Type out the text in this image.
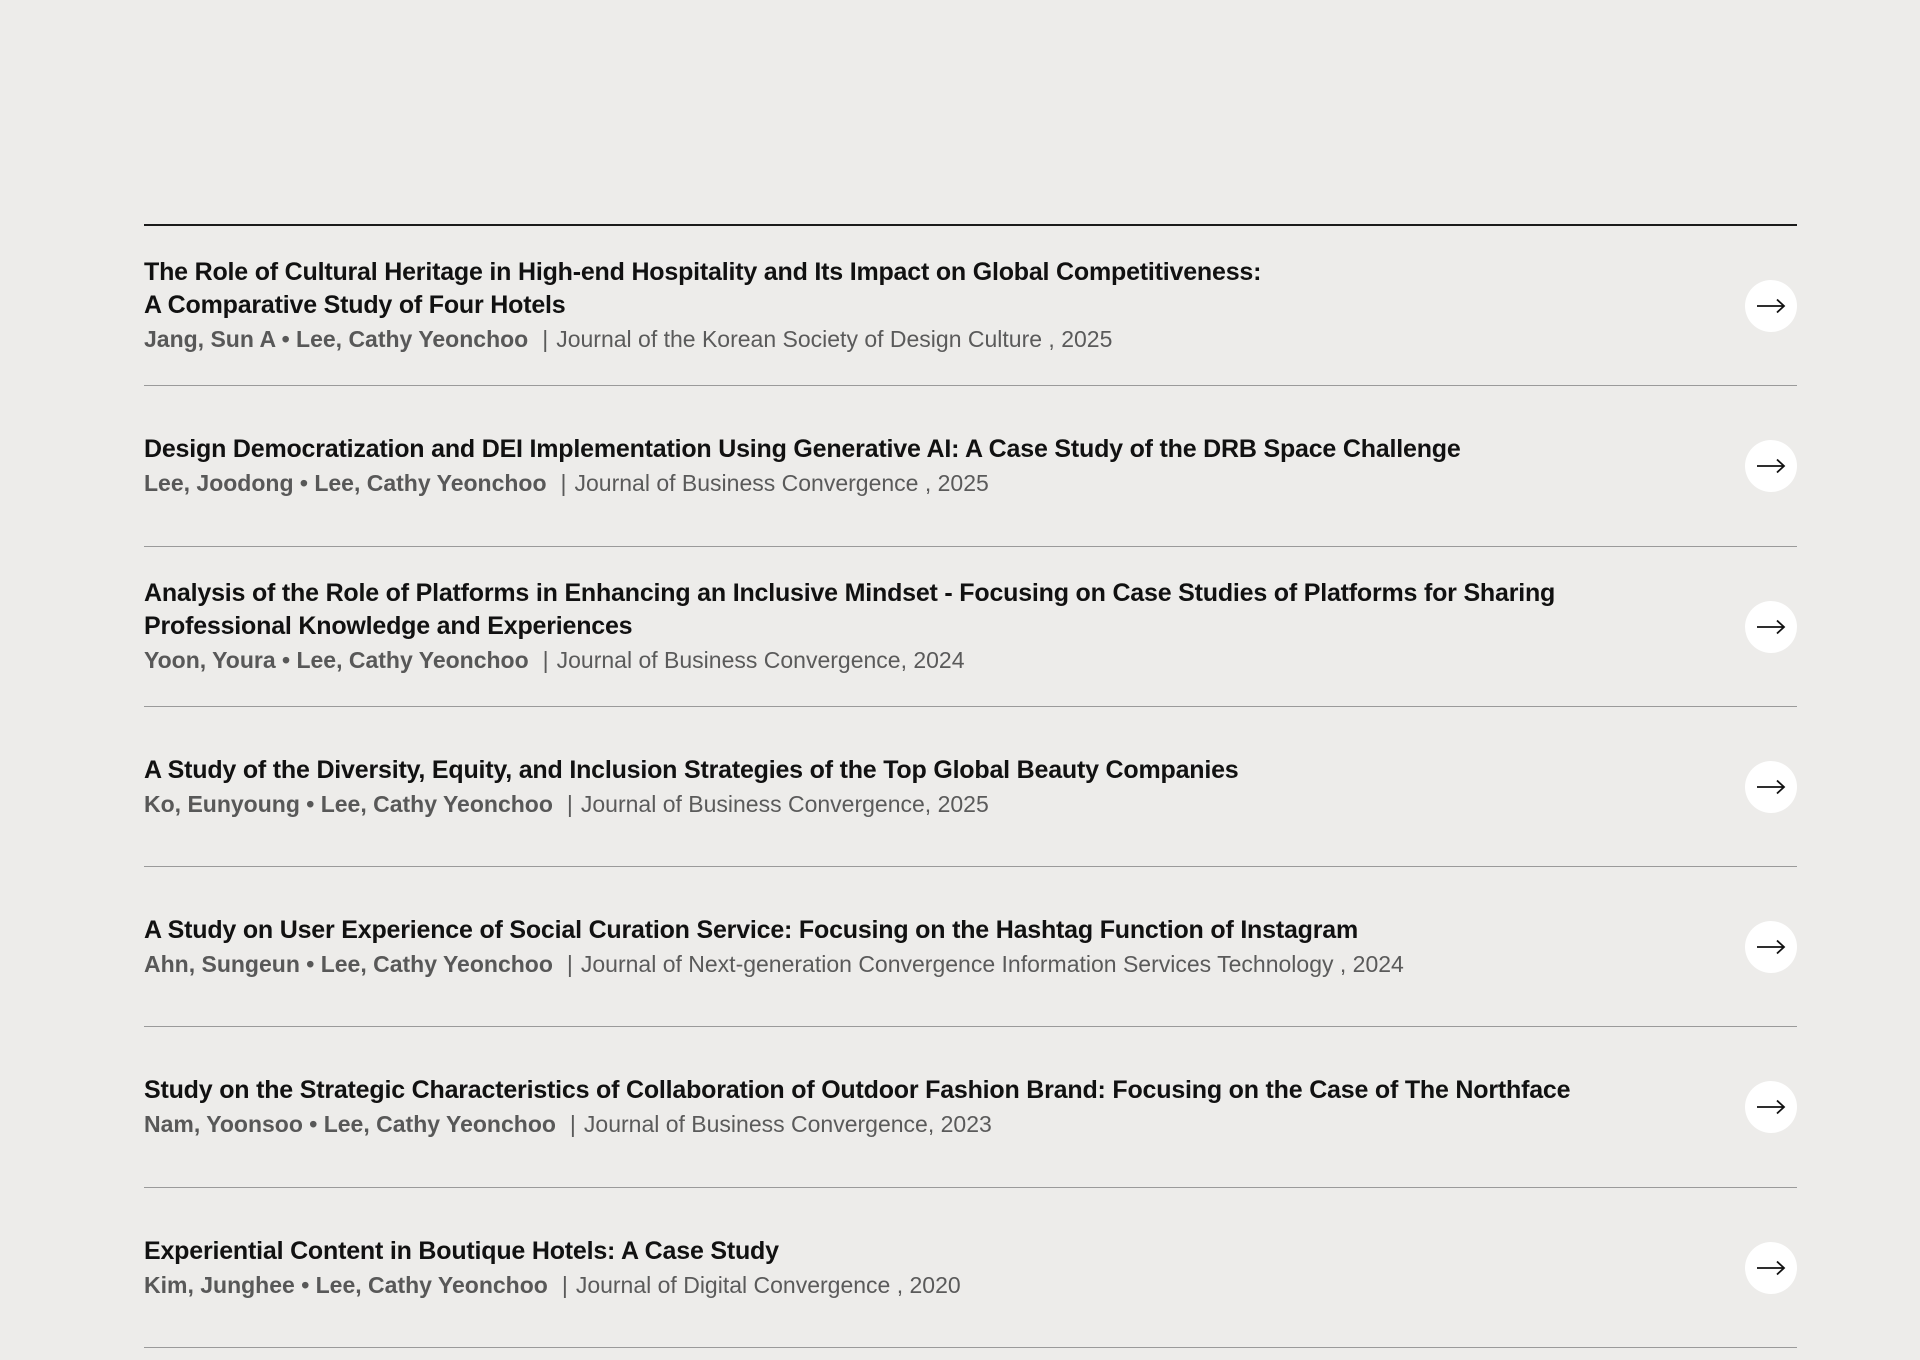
The Role of Cultural Heritage in High-end Hospitality and Its Impact on Global Competitiveness:
A Comparative Study of Four Hotels
Jang, Sun A • Lee, Cathy Yeonchoo | Journal of the Korean Society of Design Culture , 2025
Design Democratization and DEI Implementation Using Generative AI: A Case Study of the DRB Space Challenge
Lee, Joodong • Lee, Cathy Yeonchoo | Journal of Business Convergence , 2025
Analysis of the Role of Platforms in Enhancing an Inclusive Mindset - Focusing on Case Studies of Platforms for Sharing
Professional Knowledge and Experiences
Yoon, Youra • Lee, Cathy Yeonchoo | Journal of Business Convergence, 2024
A Study of the Diversity, Equity, and Inclusion Strategies of the Top Global Beauty Companies
Ko, Eunyoung • Lee, Cathy Yeonchoo | Journal of Business Convergence, 2025
A Study on User Experience of Social Curation Service: Focusing on the Hashtag Function of Instagram
Ahn, Sungeun • Lee, Cathy Yeonchoo | Journal of Next-generation Convergence Information Services Technology , 2024
Study on the Strategic Characteristics of Collaboration of Outdoor Fashion Brand: Focusing on the Case of The Northface
Nam, Yoonsoo • Lee, Cathy Yeonchoo | Journal of Business Convergence, 2023
Experiential Content in Boutique Hotels: A Case Study
Kim, Junghee • Lee, Cathy Yeonchoo | Journal of Digital Convergence , 2020
